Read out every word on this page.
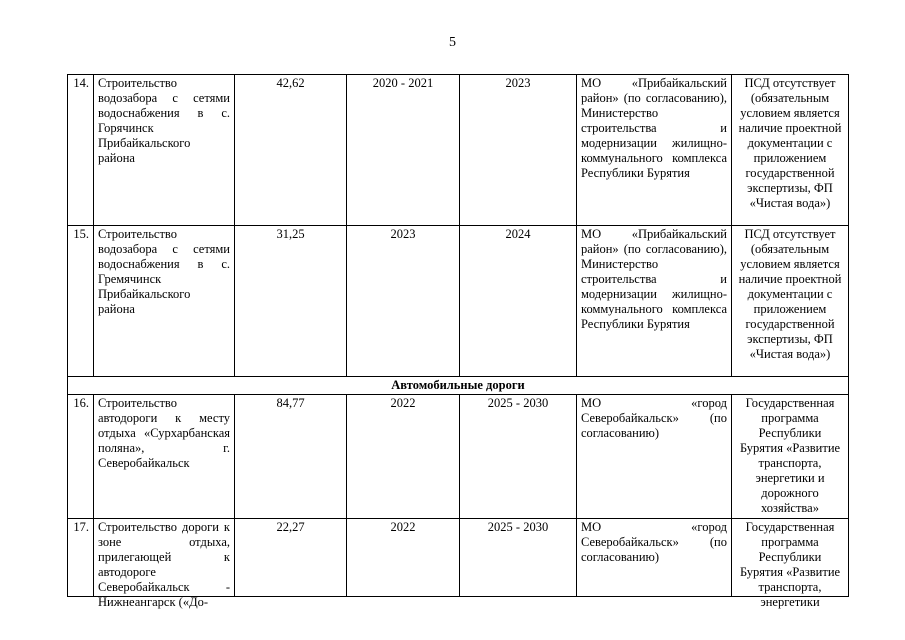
5
14.	Строительство водозабора с сетями водоснабжения в с. Горячинск Прибайкальского района	42,62	2020 - 2021	2023	МО «Прибайкальский район» (по согласованию), Министерство строительства и модернизации жилищно-коммунального комплекса Республики Бурятия	ПСД отсутствует (обязательным условием является наличие проектной документации с приложением государственной экспертизы, ФП «Чистая вода»)
15.	Строительство водозабора с сетями водоснабжения в с. Гремячинск Прибайкальского района	31,25	2023	2024	МО «Прибайкальский район» (по согласованию), Министерство строительства и модернизации жилищно-коммунального комплекса Республики Бурятия	ПСД отсутствует (обязательным условием является наличие проектной документации с приложением государственной экспертизы, ФП «Чистая вода»)
Автомобильные дороги						
16.	Строительство автодороги к месту отдыха «Сурхарбанская поляна», г. Северобайкальск	84,77	2022	2025 - 2030	МО «город Северобайкальск» (по согласованию)	Государственная программа Республики Бурятия «Развитие транспорта, энергетики и дорожного хозяйства»
17.	Строительство дороги к зоне отдыха, прилегающей к автодороге Северобайкальск - Нижнеангарск («До-	22,27	2022	2025 - 2030	МО «город Северобайкальск» (по согласованию)	Государственная программа Республики Бурятия «Развитие транспорта, энергетики
